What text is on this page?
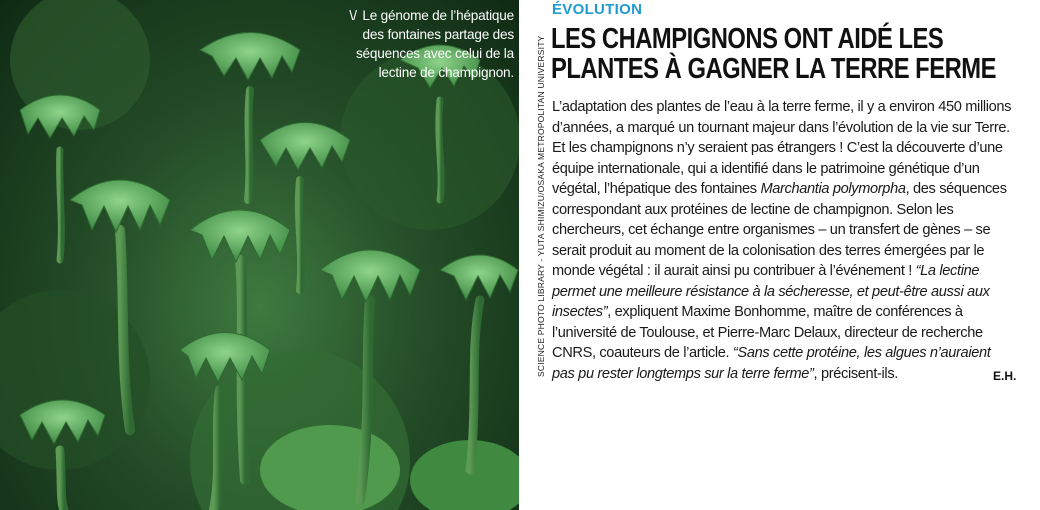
\/ Le génome de l’hépatique des fontaines partage des séquences avec celui de la lectine de champignon.	SCIENCE PHOTO LIBRARY - YUTA SHIMIZU/OSAKA METROPOLITAN UNIVERSITY
ÉVOLUTION
LES CHAMPIGNONS ONT AIDÉ LES PLANTES À GAGNER LA TERRE FERME

L’adaptation des plantes de l’eau à la terre ferme, il y a environ 450 millions d’années, a marqué un tournant majeur dans l’évolution de la vie sur Terre. Et les champignons n’y seraient pas étrangers ! C’est la découverte d’une équipe internationale, qui a identifié dans le patrimoine génétique d’un végétal, l’hépatique des fontaines Marchantia polymorpha, des séquences correspondant aux protéines de lectine de champignon. Selon les chercheurs, cet échange entre organismes – un transfert de gènes – se serait produit au moment de la colonisation des terres émergées par le monde végétal : il aurait ainsi pu contribuer à l’événement ! “La lectine permet une meilleure résistance à la sécheresse, et peut-être aussi aux insectes”, expliquent Maxime Bonhomme, maître de conférences à l’université de Toulouse, et Pierre-Marc Delaux, directeur de recherche CNRS, coauteurs de l’article. “Sans cette protéine, les algues n’auraient pas pu rester longtemps sur la terre ferme”, précisent-ils.	E.H.
